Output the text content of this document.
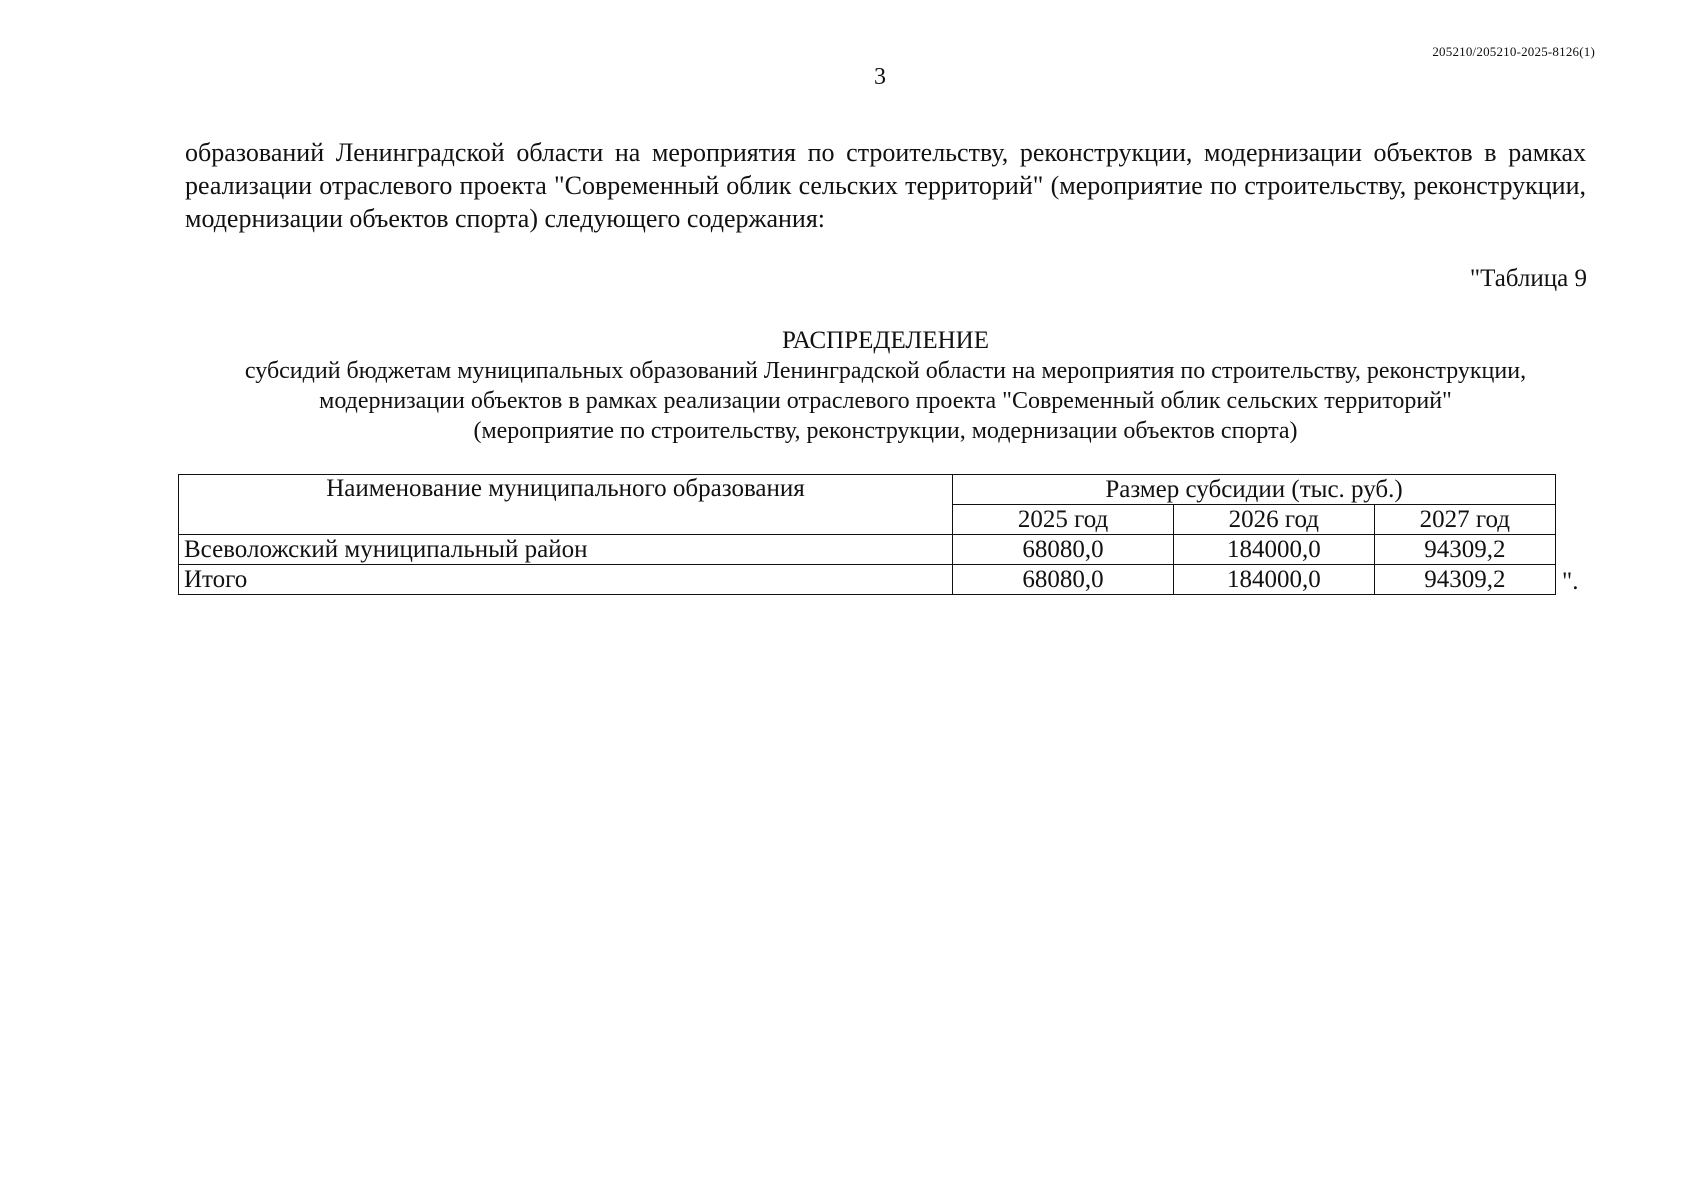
205210/205210-2025-8126(1)
3

образований Ленинградской области на мероприятия по строительству, реконструкции, модернизации объектов в рамках реализации отраслевого проекта "Современный облик сельских территорий" (мероприятие по строительству, реконструкции, модернизации объектов спорта) следующего содержания:

"Таблица 9
РАСПРЕДЕЛЕНИЕ
субсидий бюджетам муниципальных образований Ленинградской области на мероприятия по строительству, реконструкции,
модернизации объектов в рамках реализации отраслевого проекта "Современный облик сельских территорий"
(мероприятие по строительству, реконструкции, модернизации объектов спорта)
Наименование муниципального образования	Размер субсидии (тыс. руб.)		
	2025 год	2026 год	2027 год
Всеволожский муниципальный район	68080,0	184000,0	94309,2
Итого	68080,0	184000,0	94309,2 ".
